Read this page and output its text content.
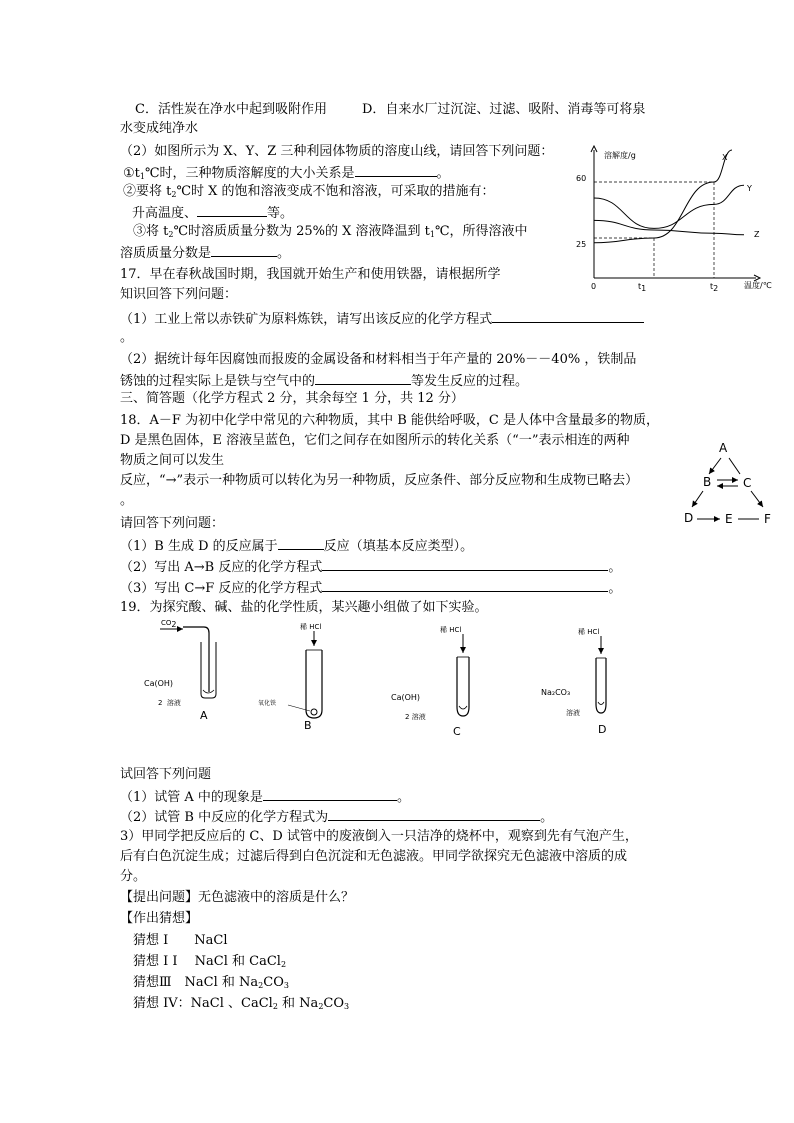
C．活性炭在净水中起到吸附作用	D．自来水厂过沉淀、过滤、吸附、消毒等可将泉
水变成纯净水
（2）如图所示为 X、Y、Z 三种利园体物质的溶度山线，请回答下列问题：
$①t_1℃$时，三种物质溶解度的大小关系是	。
②要将 $t_2℃$时 X 的饱和溶液变成不饱和溶液，可采取的措施有：
升高温度、	等。
③将 $t_2℃$时溶质质量分数为 25%的 X 溶液降温到 $t_1℃$，所得溶液中
溶质质量分数是	。
溶解度/g
温度/℃
0
60
25
$t_1$	$t_2$
X
Y
Z
17．早在春秋战国时期，我国就开始生产和使用铁器，请根据所学
知识回答下列问题：
（1）工业上常以赤铁矿为原料炼铁，请写出该反应的化学方程式
。
（2）据统计每年因腐蚀而报废的金属设备和材料相当于年产量的 20%－－40% ，铁制品
锈蚀的过程实际上是铁与空气中的	等发生反应的过程。
三、简答题（化学方程式 2 分，其余每空 1 分，共 12 分）
18．A－F 为初中化学中常见的六种物质，其中 B 能供给呼吸，C 是人体中含量最多的物质，
D 是黑色固体，E 溶液呈蓝色，它们之间存在如图所示的转化关系（“一”表示相连的两种
物质之间可以发生
反应，“→”表示一种物质可以转化为另一种物质，反应条件、部分反应物和生成物已略去）
。
请回答下列问题：
（1）B 生成 D 的反应属于	反应（填基本反应类型）。
（2）写出 A→B 反应的化学方程式	。
（3）写出 C→F 反应的化学方程式	。
A
B	C
D	E	F
19．为探究酸、碱、盐的化学性质，某兴趣小组做了如下实验。
$CO_2$
Ca(OH)
2 溶液
A
稀 HCl
氧化铁
B
稀 HCl
Ca(OH)
2 溶液
C
稀 HCl
Na₂CO₃
溶液
D
试回答下列问题
（1）试管 A 中的现象是	。
（2）试管 B 中反应的化学方程式为	。
3）甲同学把反应后的 C、D 试管中的废液倒入一只洁净的烧杯中，观察到先有气泡产生，
后有白色沉淀生成；过滤后得到白色沉淀和无色滤液。甲同学欲探究无色滤液中溶质的成
分。
【提出问题】无色滤液中的溶质是什么？
【作出猜想】
猜想 I　　NaCl
猜想 I I　 NaCl 和 CaCl$_2$
猜想Ⅲ　NaCl 和 $Na_2CO_3$
猜想 IV：NaCl 、CaCl$_2$ 和 $Na_2CO_3$
